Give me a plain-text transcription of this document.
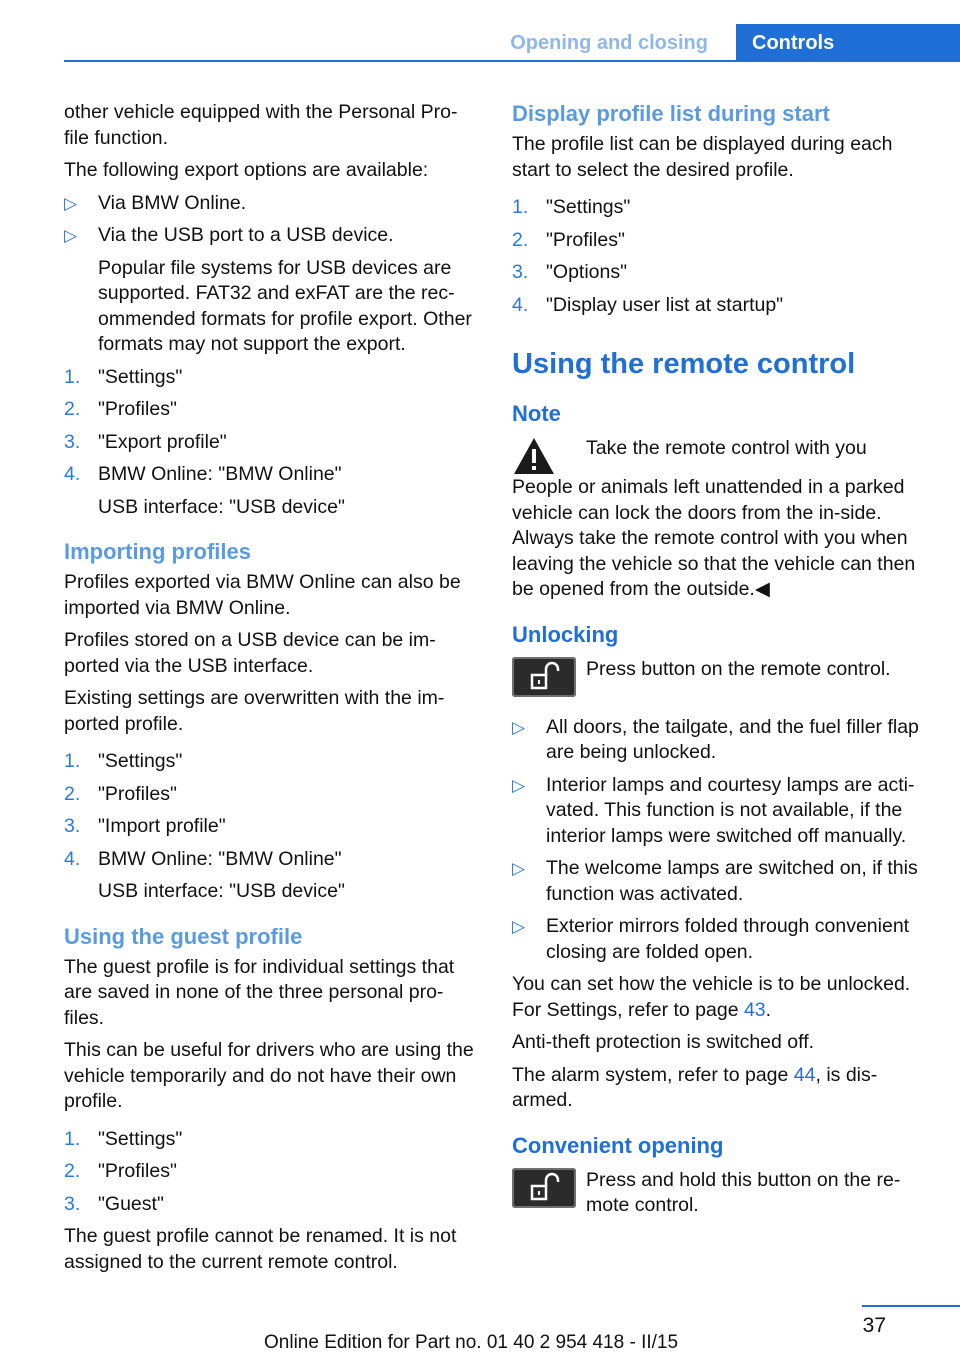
Opening and closing	Controls

other vehicle equipped with the Personal Pro-file function.

The following export options are available:

▷ Via BMW Online.
▷ Via the USB port to a USB device.

Popular file systems for USB devices are supported. FAT32 and exFAT are the rec-ommended formats for profile export. Other formats may not support the export.

1. "Settings"
2. "Profiles"
3. "Export profile"
4. BMW Online: "BMW Online"

USB interface: "USB device"

Importing profiles

Profiles exported via BMW Online can also be imported via BMW Online.

Profiles stored on a USB device can be im-ported via the USB interface.

Existing settings are overwritten with the im-ported profile.

1. "Settings"
2. "Profiles"
3. "Import profile"
4. BMW Online: "BMW Online"

USB interface: "USB device"

Using the guest profile

The guest profile is for individual settings that are saved in none of the three personal pro-files.

This can be useful for drivers who are using the vehicle temporarily and do not have their own profile.

1. "Settings"
2. "Profiles"
3. "Guest"

The guest profile cannot be renamed. It is not assigned to the current remote control.

Display profile list during start

The profile list can be displayed during each start to select the desired profile.

1. "Settings"
2. "Profiles"
3. "Options"
4. "Display user list at startup"
Using the remote control
Note
Take the remote control with you

People or animals left unattended in a parked vehicle can lock the doors from the in-side. Always take the remote control with you when leaving the vehicle so that the vehicle can then be opened from the outside.◀

Unlocking
Press button on the remote control.
▷ All doors, the tailgate, and the fuel filler flap are being unlocked.
▷ Interior lamps and courtesy lamps are acti-vated. This function is not available, if the interior lamps were switched off manually.
▷ The welcome lamps are switched on, if this function was activated.
▷ Exterior mirrors folded through convenient closing are folded open.

You can set how the vehicle is to be unlocked. For Settings, refer to page 43.

Anti-theft protection is switched off.

The alarm system, refer to page 44, is dis-armed.

Convenient opening
Press and hold this button on the re-mote control.
37
Online Edition for Part no. 01 40 2 954 418 - II/15
